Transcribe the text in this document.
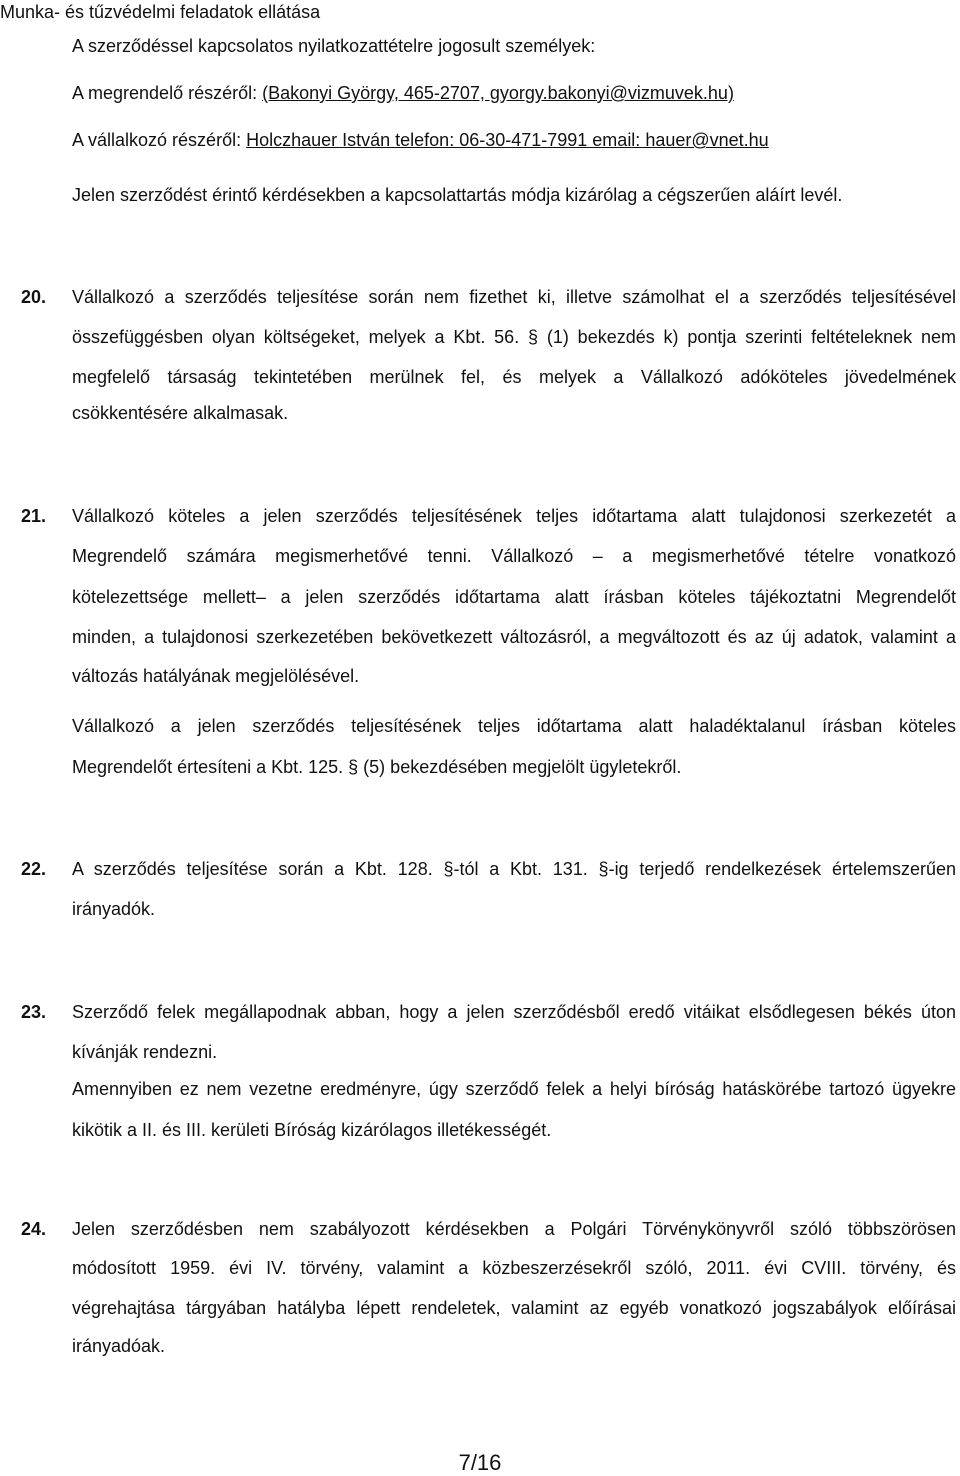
Munka- és tűzvédelmi feladatok ellátása
A szerződéssel kapcsolatos nyilatkozattételre jogosult személyek:
A megrendelő részéről: (Bakonyi György, 465-2707, gyorgy.bakonyi@vizmuvek.hu)
A vállalkozó részéről: Holczhauer István telefon: 06-30-471-7991 email: hauer@vnet.hu
Jelen szerződést érintő kérdésekben a kapcsolattartás módja kizárólag a cégszerűen aláírt levél.
20. Vállalkozó a szerződés teljesítése során nem fizethet ki, illetve számolhat el a szerződés teljesítésével
összefüggésben olyan költségeket, melyek a Kbt. 56. § (1) bekezdés k) pontja szerinti feltételeknek nem
megfelelő társaság tekintetében merülnek fel, és melyek a Vállalkozó adóköteles jövedelmének
csökkentésére alkalmasak.
21. Vállalkozó köteles a jelen szerződés teljesítésének teljes időtartama alatt tulajdonosi szerkezetét a
Megrendelő számára megismerhetővé tenni. Vállalkozó – a megismerhetővé tételre vonatkozó
kötelezettsége mellett– a jelen szerződés időtartama alatt írásban köteles tájékoztatni Megrendelőt
minden, a tulajdonosi szerkezetében bekövetkezett változásról, a megváltozott és az új adatok, valamint a
változás hatályának megjelölésével.
Vállalkozó a jelen szerződés teljesítésének teljes időtartama alatt haladéktalanul írásban köteles
Megrendelőt értesíteni a Kbt. 125. § (5) bekezdésében megjelölt ügyletekről.
22. A szerződés teljesítése során a Kbt. 128. §-tól a Kbt. 131. §-ig terjedő rendelkezések értelemszerűen
irányadók.
23. Szerződő felek megállapodnak abban, hogy a jelen szerződésből eredő vitáikat elsődlegesen békés úton
kívánják rendezni.
Amennyiben ez nem vezetne eredményre, úgy szerződő felek a helyi bíróság hatáskörébe tartozó ügyekre
kikötik a II. és III. kerületi Bíróság kizárólagos illetékességét.
24. Jelen szerződésben nem szabályozott kérdésekben a Polgári Törvénykönyvről szóló többszörösen
módosított 1959. évi IV. törvény, valamint a közbeszerzésekről szóló, 2011. évi CVIII. törvény, és
végrehajtása tárgyában hatályba lépett rendeletek, valamint az egyéb vonatkozó jogszabályok előírásai
irányadóak.
7/16
